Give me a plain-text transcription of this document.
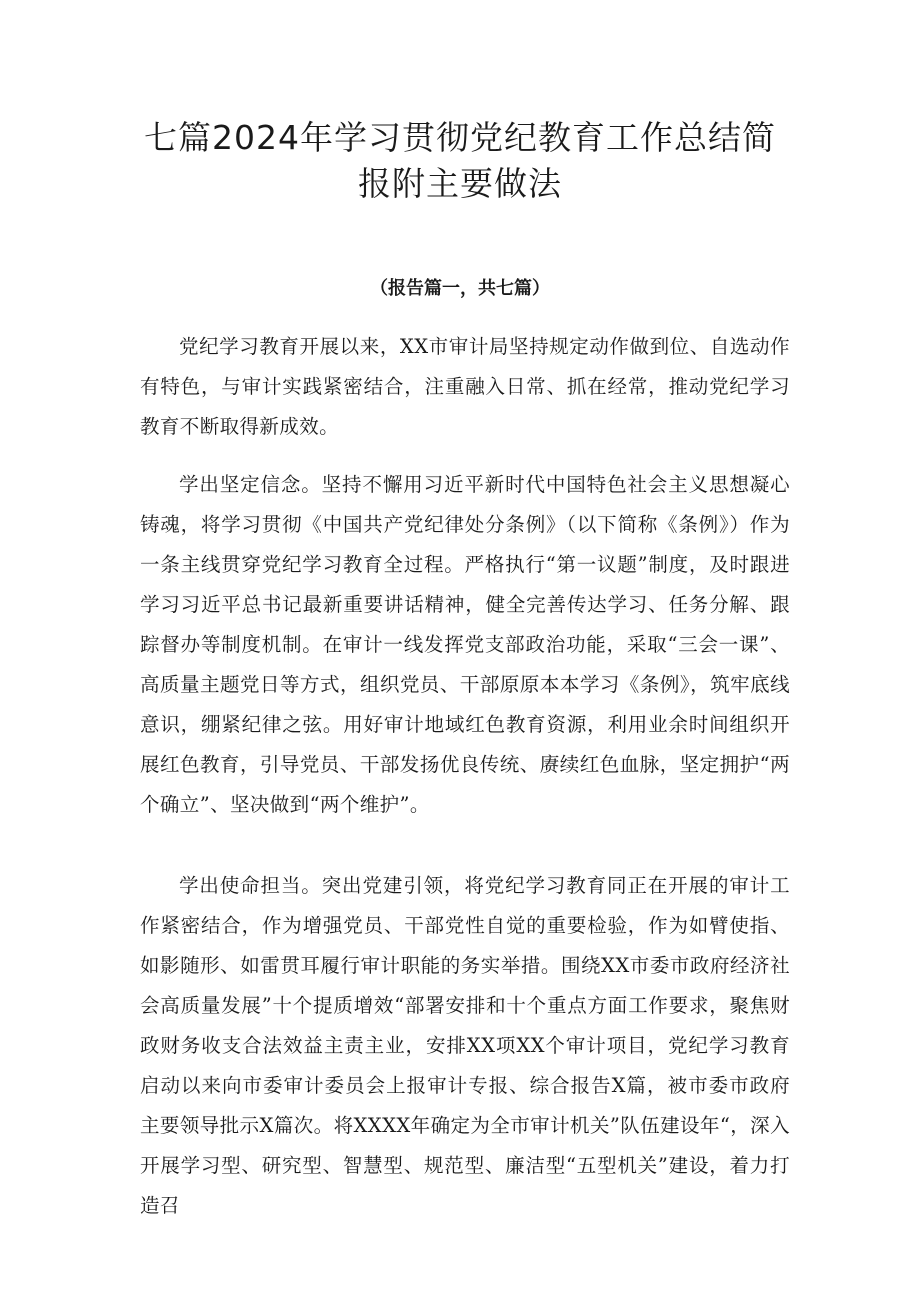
七篇2024年学习贯彻党纪教育工作总结简
报附主要做法

（报告篇一，共七篇）

党纪学习教育开展以来，XX市审计局坚持规定动作做到位、自选动作有特色，与审计实践紧密结合，注重融入日常、抓在经常，推动党纪学习教育不断取得新成效。

学出坚定信念。坚持不懈用习近平新时代中国特色社会主义思想凝心铸魂，将学习贯彻《中国共产党纪律处分条例》（以下简称《条例》）作为一条主线贯穿党纪学习教育全过程。严格执行“第一议题”制度，及时跟进学习习近平总书记最新重要讲话精神，健全完善传达学习、任务分解、跟踪督办等制度机制。在审计一线发挥党支部政治功能，采取“三会一课”、高质量主题党日等方式，组织党员、干部原原本本学习《条例》，筑牢底线意识，绷紧纪律之弦。用好审计地域红色教育资源，利用业余时间组织开展红色教育，引导党员、干部发扬优良传统、赓续红色血脉，坚定拥护“两个确立”、坚决做到“两个维护”。

学出使命担当。突出党建引领，将党纪学习教育同正在开展的审计工作紧密结合，作为增强党员、干部党性自觉的重要检验，作为如臂使指、如影随形、如雷贯耳履行审计职能的务实举措。围绕XX市委市政府经济社会高质量发展”十个提质增效“部署安排和十个重点方面工作要求，聚焦财政财务收支合法效益主责主业，安排XX项XX个审计项目，党纪学习教育启动以来向市委审计委员会上报审计专报、综合报告X篇，被市委市政府主要领导批示X篇次。将XXXX年确定为全市审计机关”队伍建设年“，深入开展学习型、研究型、智慧型、规范型、廉洁型“五型机关”建设，着力打造召
